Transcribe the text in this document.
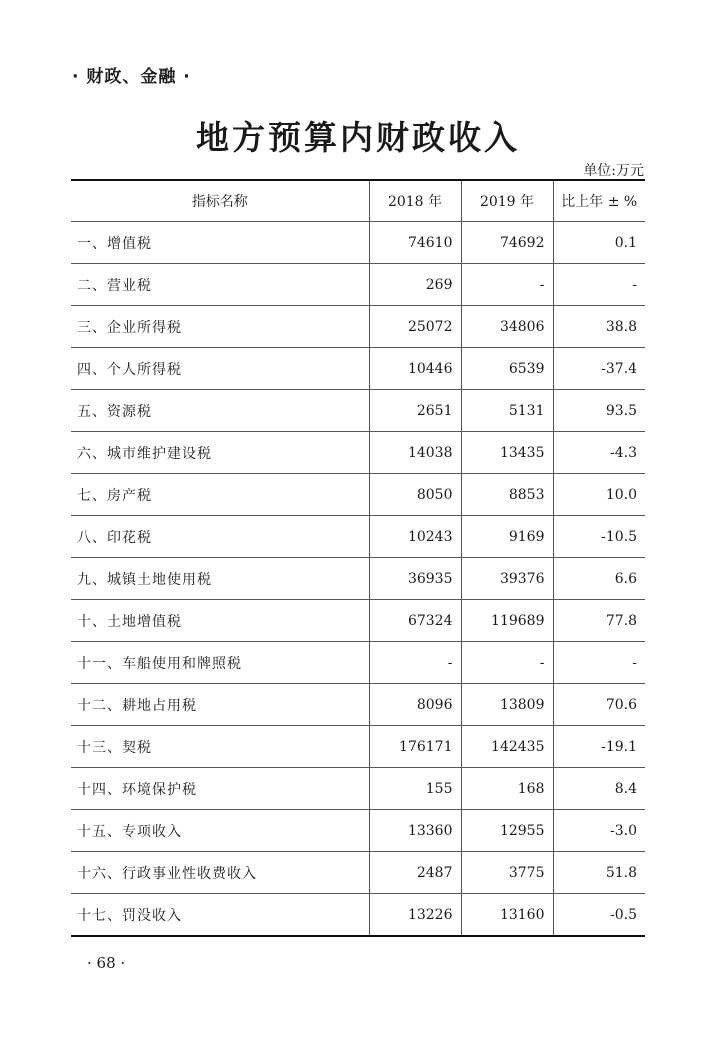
· 财政、金融 ·
地方预算内财政收入
单位:万元
指标名称	2018 年	2019 年	比上年 ± %
一、增值税	74610	74692	0.1
二、营业税	269	-	-
三、企业所得税	25072	34806	38.8
四、个人所得税	10446	6539	-37.4
五、资源税	2651	5131	93.5
六、城市维护建设税	14038	13435	-4.3
七、房产税	8050	8853	10.0
八、印花税	10243	9169	-10.5
九、城镇土地使用税	36935	39376	6.6
十、土地增值税	67324	119689	77.8
十一、车船使用和牌照税	-	-	-
十二、耕地占用税	8096	13809	70.6
十三、契税	176171	142435	-19.1
十四、环境保护税	155	168	8.4
十五、专项收入	13360	12955	-3.0
十六、行政事业性收费收入	2487	3775	51.8
十七、罚没收入	13226	13160	-0.5
· 68 ·
